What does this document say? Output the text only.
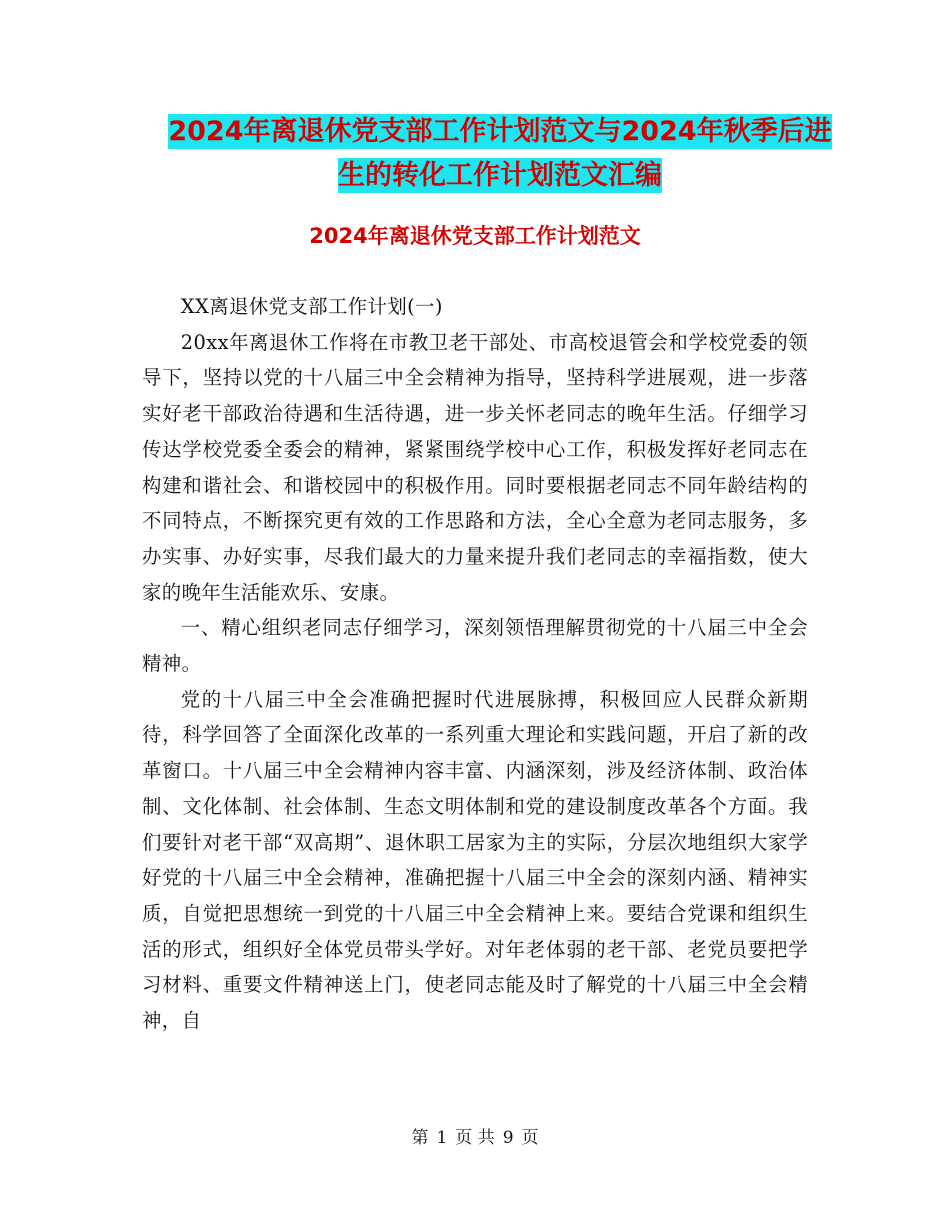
2024年离退休党支部工作计划范文与2024年秋季后进
生的转化工作计划范文汇编
2024年离退休党支部工作计划范文

XX离退休党支部工作计划(一)

20xx年离退休工作将在市教卫老干部处、市高校退管会和学校党委的领导下，坚持以党的十八届三中全会精神为指导，坚持科学进展观，进一步落实好老干部政治待遇和生活待遇，进一步关怀老同志的晚年生活。仔细学习传达学校党委全委会的精神，紧紧围绕学校中心工作，积极发挥好老同志在构建和谐社会、和谐校园中的积极作用。同时要根据老同志不同年龄结构的不同特点，不断探究更有效的工作思路和方法，全心全意为老同志服务，多办实事、办好实事，尽我们最大的力量来提升我们老同志的幸福指数，使大家的晚年生活能欢乐、安康。

一、精心组织老同志仔细学习，深刻领悟理解贯彻党的十八届三中全会精神。

党的十八届三中全会准确把握时代进展脉搏，积极回应人民群众新期待，科学回答了全面深化改革的一系列重大理论和实践问题，开启了新的改革窗口。十八届三中全会精神内容丰富、内涵深刻，涉及经济体制、政治体制、文化体制、社会体制、生态文明体制和党的建设制度改革各个方面。我们要针对老干部“双高期”、退休职工居家为主的实际，分层次地组织大家学好党的十八届三中全会精神，准确把握十八届三中全会的深刻内涵、精神实质，自觉把思想统一到党的十八届三中全会精神上来。要结合党课和组织生活的形式，组织好全体党员带头学好。对年老体弱的老干部、老党员要把学习材料、重要文件精神送上门，使老同志能及时了解党的十八届三中全会精神，自

第 1 页 共 9 页
